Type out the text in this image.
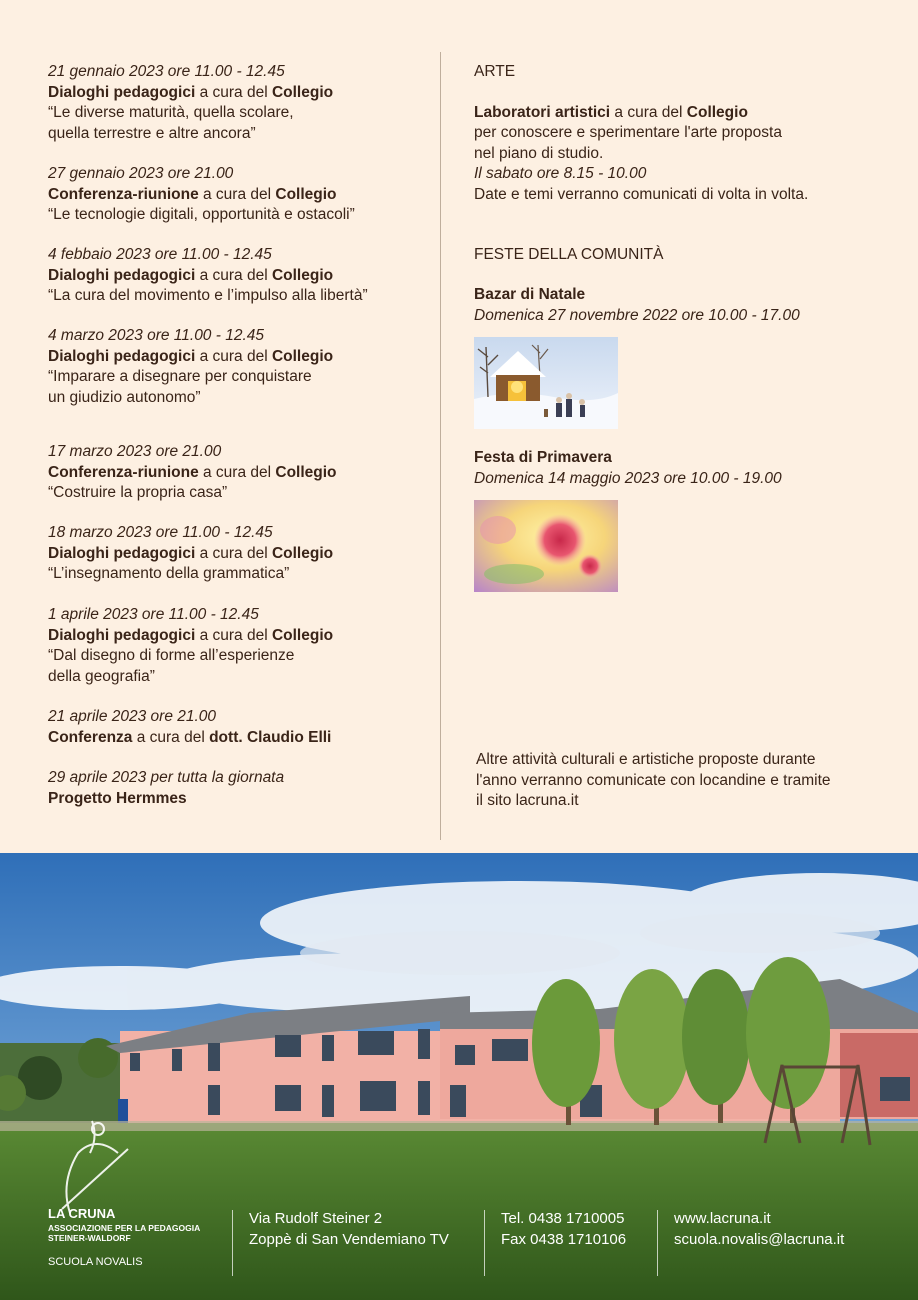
21 gennaio 2023 ore 11.00 - 12.45
Dialoghi pedagogici a cura del Collegio
“Le diverse maturità, quella scolare,
quella terrestre e altre ancora”
27 gennaio 2023 ore 21.00
Conferenza-riunione a cura del Collegio
“Le tecnologie digitali, opportunità e ostacoli”
4 febbaio 2023 ore 11.00 - 12.45
Dialoghi pedagogici a cura del Collegio
“La cura del movimento e l’impulso alla libertà”
4 marzo 2023 ore 11.00 - 12.45
Dialoghi pedagogici a cura del Collegio
“Imparare a disegnare per conquistare
un giudizio autonomo”
17 marzo 2023 ore 21.00
Conferenza-riunione a cura del Collegio
“Costruire la propria casa”
18 marzo 2023 ore 11.00 - 12.45
Dialoghi pedagogici a cura del Collegio
“L’insegnamento della grammatica”
1 aprile 2023 ore 11.00 - 12.45
Dialoghi pedagogici a cura del Collegio
“Dal disegno di forme all’esperienze
della geografia”
21 aprile 2023 ore 21.00
Conferenza a cura del dott. Claudio Elli
29 aprile 2023 per tutta la giornata
Progetto Hermmes
ARTE
Laboratori artistici a cura del Collegio
per conoscere e sperimentare l'arte proposta
nel piano di studio.
Il sabato ore 8.15 - 10.00
Date e temi verranno comunicati di volta in volta.
FESTE DELLA COMUNITÀ
Bazar di Natale
Domenica 27 novembre 2022 ore 10.00 - 17.00
Festa di Primavera
Domenica 14 maggio 2023 ore 10.00 - 19.00
Altre attività culturali e artistiche proposte durante
l'anno verranno comunicate con locandine e tramite
il sito lacruna.it
LA CRUNA
ASSOCIAZIONE PER LA PEDAGOGIA
STEINER-WALDORF
SCUOLA NOVALIS
Via Rudolf Steiner 2
Zoppè di San Vendemiano TV
Tel. 0438 1710005
Fax 0438 1710106
www.lacruna.it
scuola.novalis@lacruna.it
